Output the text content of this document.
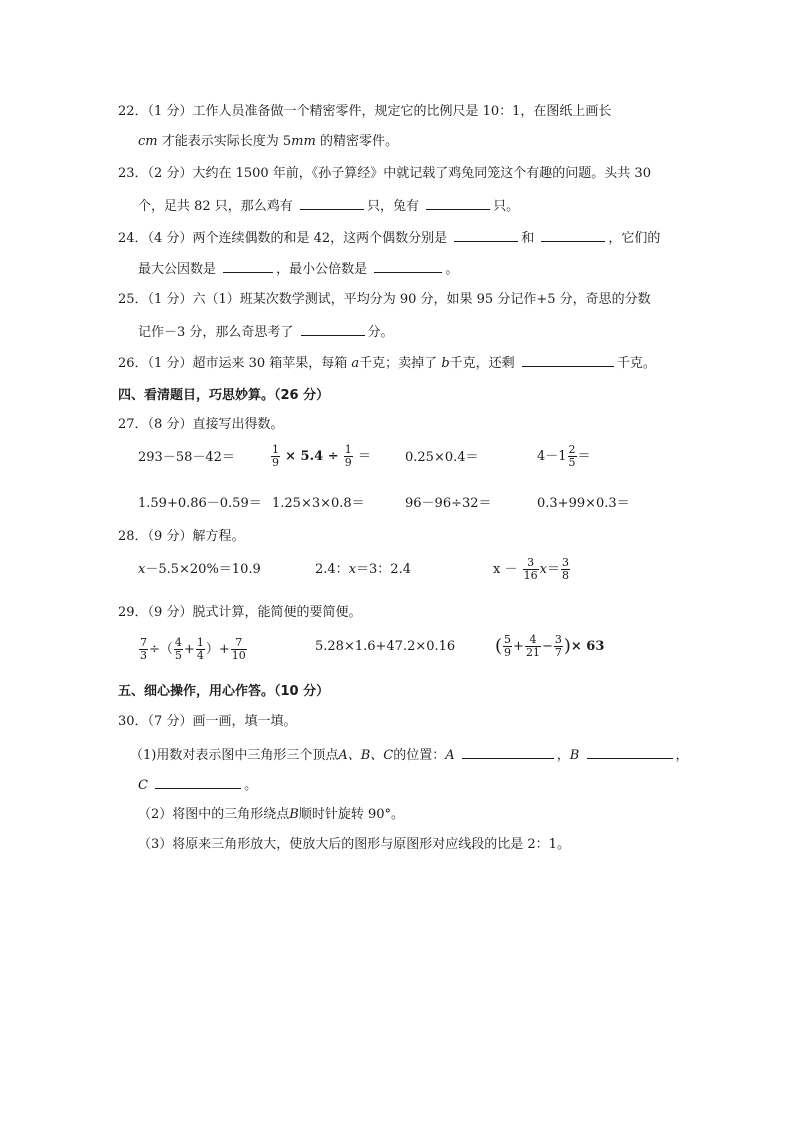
22．（1 分）工作人员准备做一个精密零件，规定它的比例尺是 10：1，在图纸上画长
cm 才能表示实际长度为 5mm 的精密零件。
23．（2 分）大约在 1500 年前，《孙子算经》中就记载了鸡兔同笼这个有趣的问题。头共 30
个，足共 82 只，那么鸡有	只，兔有	只。
24．（4 分）两个连续偶数的和是 42，这两个偶数分别是	和	，它们的
最大公因数是	，最小公倍数是	。
25．（1 分）六（1）班某次数学测试，平均分为 90 分，如果 95 分记作+5 分，奇思的分数
记作－3 分，那么奇思考了	分。
26．（1 分）超市运来 30 箱苹果，每箱 a千克；卖掉了 b千克，还剩	千克。
四、看清题目，巧思妙算。（26 分）
27．（8 分）直接写出得数。
293－58－42＝	$\frac{1}{9} \times 5.4 \div \frac{1}{9}$ ＝	0.25×0.4＝	$4-1 \frac{2}{5}$ ＝
1.59+0.86－0.59＝ 1.25×3×0.8＝	96－96÷32＝	0.3+99×0.3＝
28．（9 分）解方程。
x－5.5×20%＝10.9	2.4：x＝3：2.4	$x - \frac{3}{16} x= \frac{3}{8}$
29．（9 分）脱式计算，能简便的要简便。
$\frac{7}{3}$ ÷（ $\frac{4}{5} + \frac{1}{4}$ ）+ $\frac{7}{10}$	5.28×1.6+47.2×0.16 ( $\frac{5}{9} + \frac{4}{21} - \frac{3}{7}$ )× 63
五、细心操作，用心作答。（10 分）
30．（7 分）画一画，填一填。
（1)用数对表示图中三角形三个顶点A、B、C的位置：A	，B	，
C	。
（2）将图中的三角形绕点B顺时针旋转 90°。
（3）将原来三角形放大，使放大后的图形与原图形对应线段的比是 2：1。
